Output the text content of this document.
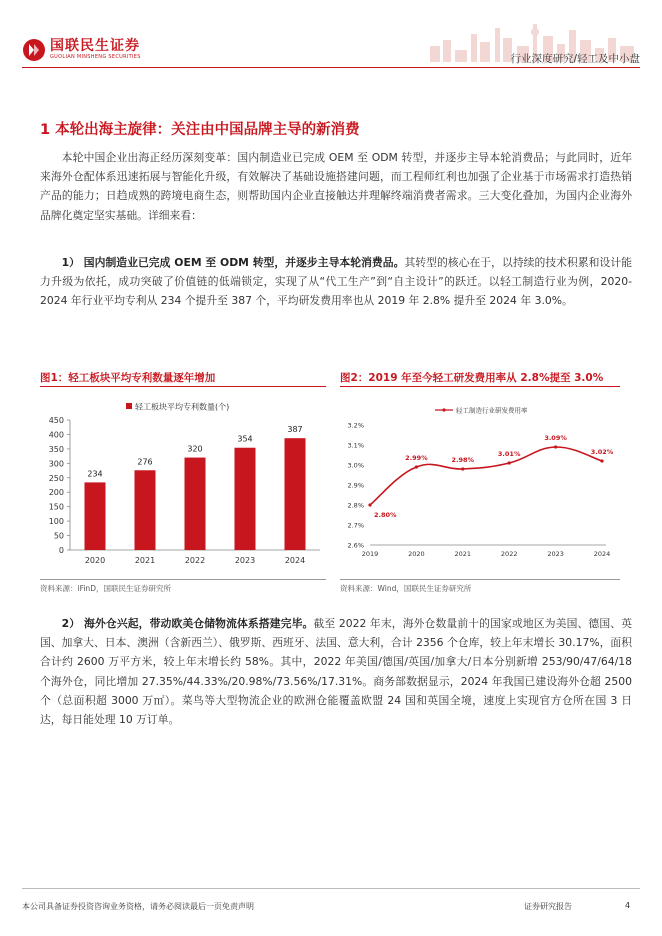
国联民生证券
GUOLIAN MINSHENG SECURITIES	行业深度研究/轻工及中小盘
1 本轮出海主旋律：关注由中国品牌主导的新消费
本轮中国企业出海正经历深刻变革：国内制造业已完成 OEM 至 ODM 转型，并逐步主导本轮消费品；与此同时，近年来海外仓配体系迅速拓展与智能化升级，有效解决了基础设施搭建问题，而工程师红利也加强了企业基于市场需求打造热销产品的能力；日趋成熟的跨境电商生态，则帮助国内企业直接触达并理解终端消费者需求。三大变化叠加，为国内企业海外品牌化奠定坚实基础。详细来看：
1） 国内制造业已完成 OEM 至 ODM 转型，并逐步主导本轮消费品。其转型的核心在于，以持续的技术积累和设计能力升级为依托，成功突破了价值链的低端锁定，实现了从“代工生产”到“自主设计”的跃迁。以轻工制造行业为例，2020-2024 年行业平均专利从 234 个提升至 387 个，平均研发费用率也从 2019 年 2.8% 提升至 2024 年 3.0%。
图1：轻工板块平均专利数量逐年增加
轻工板块平均专利数量(个)
0
50
100
150
200
250
300
350
400
450
234
276
320
354
387
2020	2021	2022	2023	2024
资料来源：iFinD，国联民生证券研究所
图2：2019 年至今轻工研发费用率从 2.8%提至 3.0%
轻工制造行业研发费用率
2.6%
2.7%
2.8%
2.9%
3.0%
3.1%
3.2%
2.80%
2.99%	2.98%
3.01%
3.09%
3.02%
2019	2020	2021	2022	2023	2024
资料来源：Wind，国联民生证券研究所
2） 海外仓兴起，带动欧美仓储物流体系搭建完毕。截至 2022 年末，海外仓数量前十的国家或地区为美国、德国、英国、加拿大、日本、澳洲（含新西兰）、俄罗斯、西班牙、法国、意大利，合计 2356 个仓库，较上年末增长 30.17%，面积合计约 2600 万平方米，较上年末增长约 58%。其中，2022 年美国/德国/英国/加拿大/日本分别新增 253/90/47/64/18 个海外仓，同比增加 27.35%/44.33%/20.98%/73.56%/17.31%。商务部数据显示，2024 年我国已建设海外仓超 2500 个（总面积超 3000 万㎡）。菜鸟等大型物流企业的欧洲仓能覆盖欧盟 24 国和英国全境，速度上实现官方仓所在国 3 日达，每日能处理 10 万订单。
本公司具备证券投资咨询业务资格，请务必阅读最后一页免责声明	证券研究报告	4
